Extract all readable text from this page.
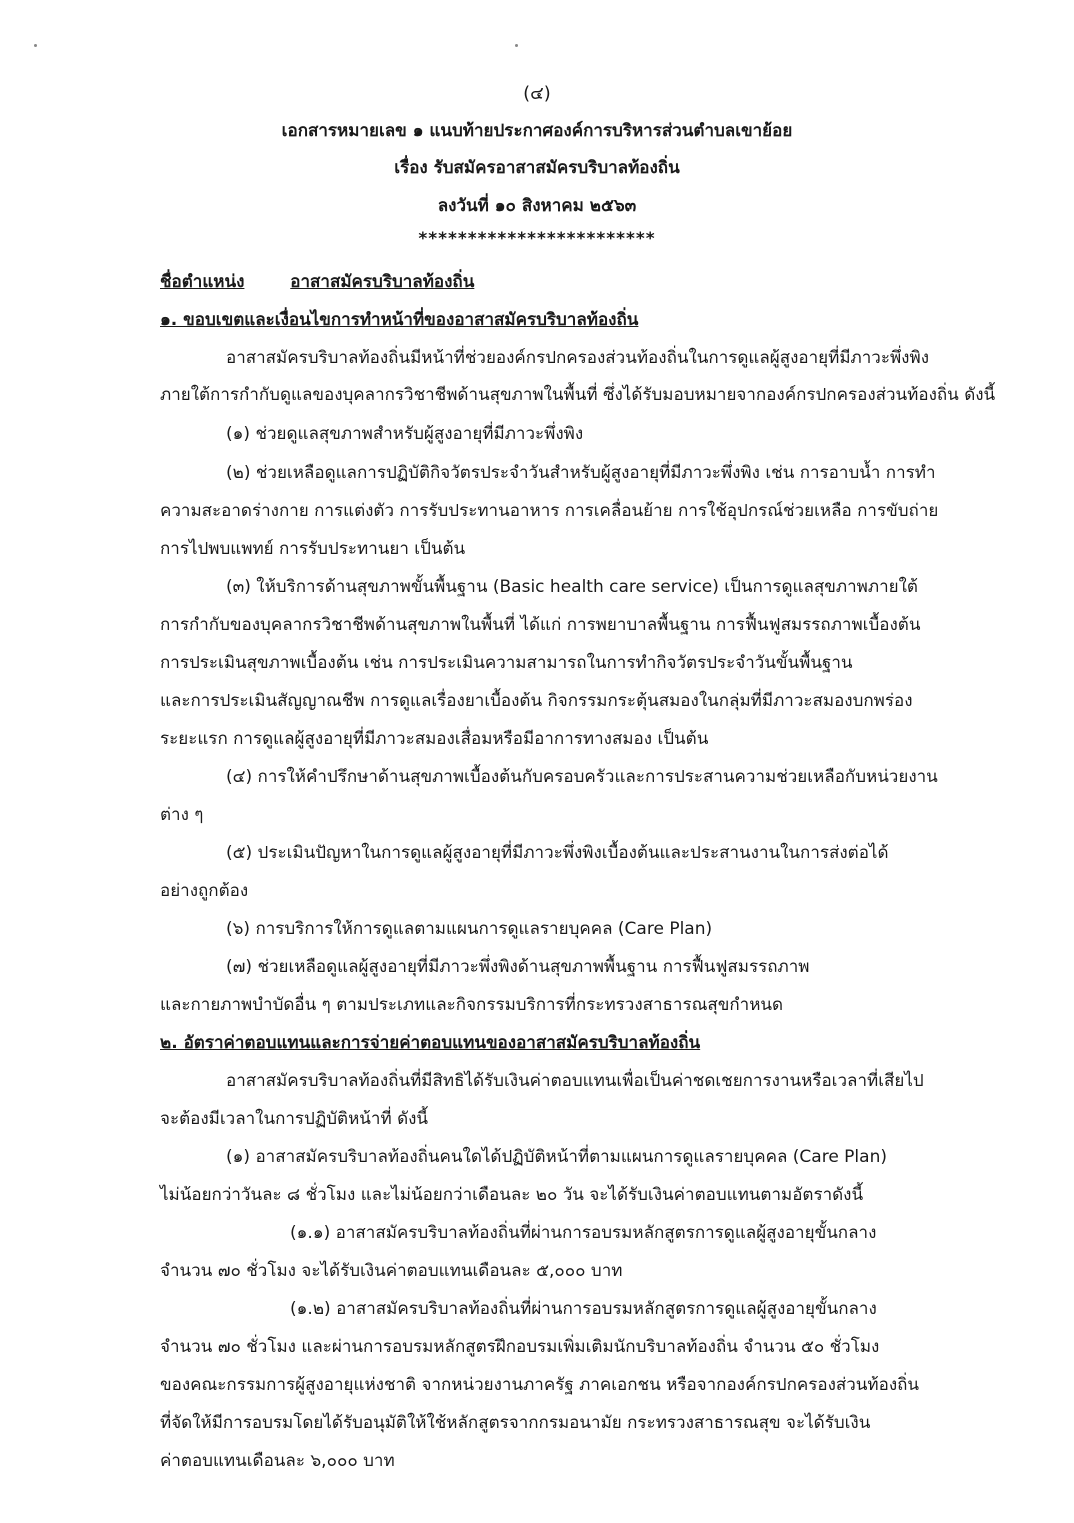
(๔)
เอกสารหมายเลข ๑ แนบท้ายประกาศองค์การบริหารส่วนตำบลเขาย้อย
เรื่อง รับสมัครอาสาสมัครบริบาลท้องถิ่น
ลงวันที่ ๑๐ สิงหาคม ๒๕๖๓
************************
ชื่อตำแหน่ง	อาสาสมัครบริบาลท้องถิ่น
๑. ขอบเขตและเงื่อนไขการทำหน้าที่ของอาสาสมัครบริบาลท้องถิ่น
อาสาสมัครบริบาลท้องถิ่นมีหน้าที่ช่วยองค์กรปกครองส่วนท้องถิ่นในการดูแลผู้สูงอายุที่มีภาวะพึ่งพิง
ภายใต้การกำกับดูแลของบุคลากรวิชาชีพด้านสุขภาพในพื้นที่ ซึ่งได้รับมอบหมายจากองค์กรปกครองส่วนท้องถิ่น ดังนี้
(๑) ช่วยดูแลสุขภาพสำหรับผู้สูงอายุที่มีภาวะพึ่งพิง
(๒) ช่วยเหลือดูแลการปฏิบัติกิจวัตรประจำวันสำหรับผู้สูงอายุที่มีภาวะพึ่งพิง เช่น การอาบน้ำ การทำ
ความสะอาดร่างกาย การแต่งตัว การรับประทานอาหาร การเคลื่อนย้าย การใช้อุปกรณ์ช่วยเหลือ การขับถ่าย
การไปพบแพทย์ การรับประทานยา เป็นต้น
(๓) ให้บริการด้านสุขภาพขั้นพื้นฐาน (Basic health care service) เป็นการดูแลสุขภาพภายใต้
การกำกับของบุคลากรวิชาชีพด้านสุขภาพในพื้นที่ ได้แก่ การพยาบาลพื้นฐาน การฟื้นฟูสมรรถภาพเบื้องต้น
การประเมินสุขภาพเบื้องต้น เช่น การประเมินความสามารถในการทำกิจวัตรประจำวันขั้นพื้นฐาน
และการประเมินสัญญาณชีพ การดูแลเรื่องยาเบื้องต้น กิจกรรมกระตุ้นสมองในกลุ่มที่มีภาวะสมองบกพร่อง
ระยะแรก การดูแลผู้สูงอายุที่มีภาวะสมองเสื่อมหรือมีอาการทางสมอง เป็นต้น
(๔) การให้คำปรึกษาด้านสุขภาพเบื้องต้นกับครอบครัวและการประสานความช่วยเหลือกับหน่วยงาน
ต่าง ๆ
(๕) ประเมินปัญหาในการดูแลผู้สูงอายุที่มีภาวะพึ่งพิงเบื้องต้นและประสานงานในการส่งต่อได้
อย่างถูกต้อง
(๖) การบริการให้การดูแลตามแผนการดูแลรายบุคคล (Care Plan)
(๗) ช่วยเหลือดูแลผู้สูงอายุที่มีภาวะพึ่งพิงด้านสุขภาพพื้นฐาน การฟื้นฟูสมรรถภาพ
และกายภาพบำบัดอื่น ๆ ตามประเภทและกิจกรรมบริการที่กระทรวงสาธารณสุขกำหนด
๒. อัตราค่าตอบแทนและการจ่ายค่าตอบแทนของอาสาสมัครบริบาลท้องถิ่น
อาสาสมัครบริบาลท้องถิ่นที่มีสิทธิได้รับเงินค่าตอบแทนเพื่อเป็นค่าชดเชยการงานหรือเวลาที่เสียไป
จะต้องมีเวลาในการปฏิบัติหน้าที่ ดังนี้
(๑) อาสาสมัครบริบาลท้องถิ่นคนใดได้ปฏิบัติหน้าที่ตามแผนการดูแลรายบุคคล (Care Plan)
ไม่น้อยกว่าวันละ ๘ ชั่วโมง และไม่น้อยกว่าเดือนละ ๒๐ วัน จะได้รับเงินค่าตอบแทนตามอัตราดังนี้
(๑.๑) อาสาสมัครบริบาลท้องถิ่นที่ผ่านการอบรมหลักสูตรการดูแลผู้สูงอายุขั้นกลาง
จำนวน ๗๐ ชั่วโมง จะได้รับเงินค่าตอบแทนเดือนละ ๕,๐๐๐ บาท
(๑.๒) อาสาสมัครบริบาลท้องถิ่นที่ผ่านการอบรมหลักสูตรการดูแลผู้สูงอายุขั้นกลาง
จำนวน ๗๐ ชั่วโมง และผ่านการอบรมหลักสูตรฝึกอบรมเพิ่มเติมนักบริบาลท้องถิ่น จำนวน ๕๐ ชั่วโมง
ของคณะกรรมการผู้สูงอายุแห่งชาติ จากหน่วยงานภาครัฐ ภาคเอกชน หรือจากองค์กรปกครองส่วนท้องถิ่น
ที่จัดให้มีการอบรมโดยได้รับอนุมัติให้ใช้หลักสูตรจากกรมอนามัย กระทรวงสาธารณสุข จะได้รับเงิน
ค่าตอบแทนเดือนละ ๖,๐๐๐ บาท
